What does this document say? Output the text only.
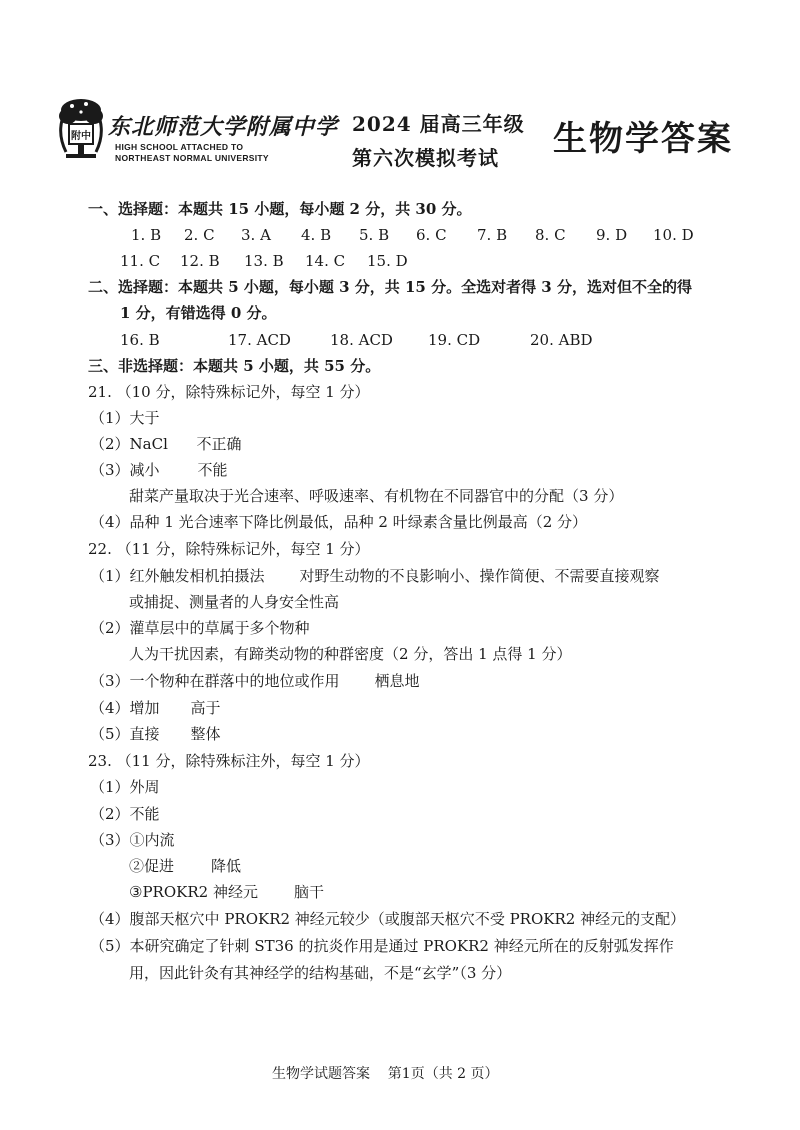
附中 东北师范大学附属中学
HIGH SCHOOL ATTACHED TO
NORTHEAST NORMAL UNIVERSITY
2024 届高三年级
第六次模拟考试 生物学答案
一、选择题：本题共 15 小题，每小题 2 分，共 30 分。
1. B 2. C 3. A 4. B 5. B 6. C 7. B 8. C 9. D 10. D
11. C 12. B 13. B 14. C 15. D
二、选择题：本题共 5 小题，每小题 3 分，共 15 分。全选对者得 3 分，选对但不全的得
1 分，有错选得 0 分。
16. B	17. ACD	18. ACD 19. CD	20. ABD
三、非选择题：本题共 5 小题，共 55 分。
21. （10 分，除特殊标记外，每空 1 分）
（1）大于
（2）NaCl 不正确
（3）减小	不能
甜菜产量取决于光合速率、呼吸速率、有机物在不同器官中的分配（3 分）
（4）品种 1 光合速率下降比例最低，品种 2 叶绿素含量比例最高（2 分）
22. （11 分，除特殊标记外，每空 1 分）
（1）红外触发相机拍摄法 对野生动物的不良影响小、操作简便、不需要直接观察
或捕捉、测量者的人身安全性高
（2）灌草层中的草属于多个物种
人为干扰因素，有蹄类动物的种群密度（2 分，答出 1 点得 1 分）
（3）一个物种在群落中的地位或作用 栖息地
（4）增加 高于
（5）直接 整体
23. （11 分，除特殊标注外，每空 1 分）
（1）外周
（2）不能
（3）①内流
②促进 降低
③PROKR2 神经元 脑干
（4）腹部天枢穴中 PROKR2 神经元较少（或腹部天枢穴不受 PROKR2 神经元的支配）
（5）本研究确定了针刺 ST36 的抗炎作用是通过 PROKR2 神经元所在的反射弧发挥作
用，因此针灸有其神经学的结构基础，不是“玄学”（3 分）
生物学试题答案    第1页（共 2 页）
